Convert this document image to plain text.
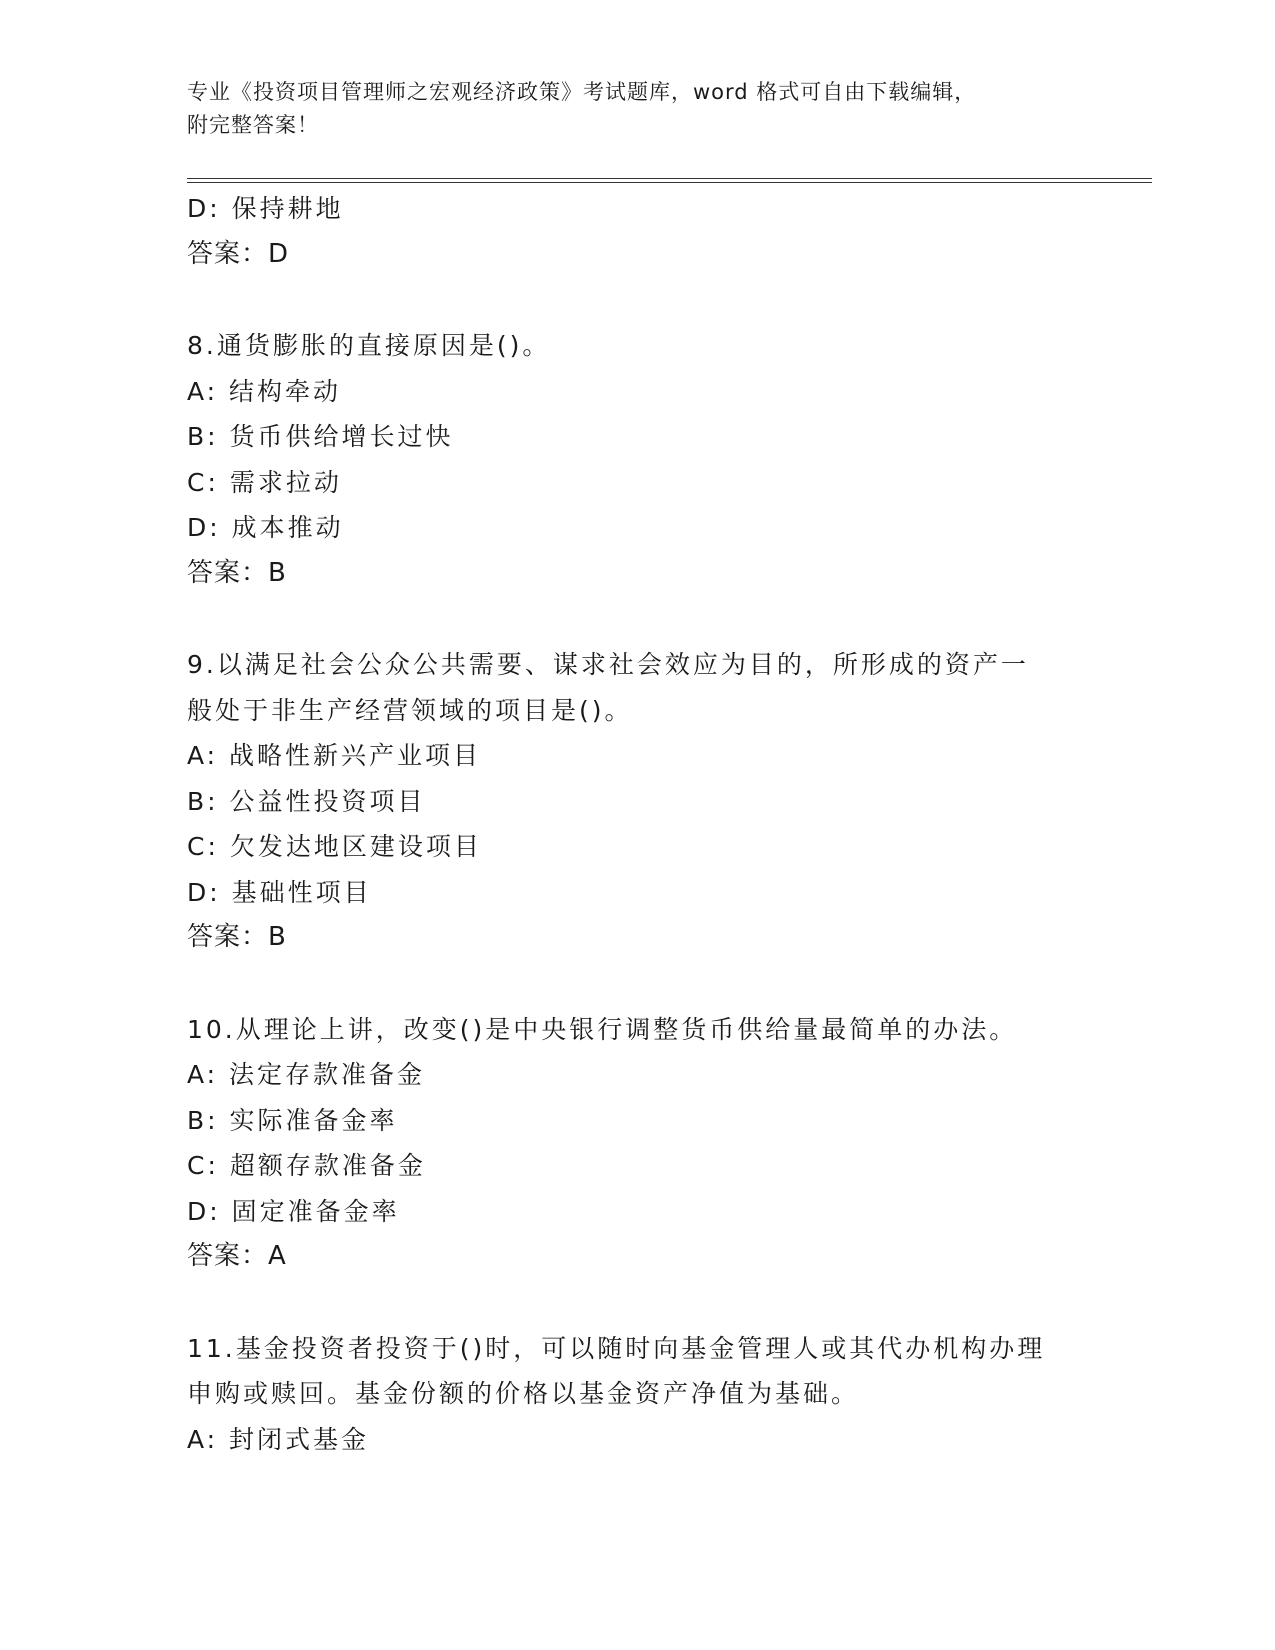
专业《投资项目管理师之宏观经济政策》考试题库，word 格式可自由下载编辑，
附完整答案！

D: 保持耕地

答案：D

8.通货膨胀的直接原因是()。

A: 结构牵动

B: 货币供给增长过快

C: 需求拉动

D: 成本推动

答案：B

9.以满足社会公众公共需要、谋求社会效应为目的，所形成的资产一

般处于非生产经营领域的项目是()。

A: 战略性新兴产业项目

B: 公益性投资项目

C: 欠发达地区建设项目

D: 基础性项目

答案：B

10.从理论上讲，改变()是中央银行调整货币供给量最简单的办法。

A: 法定存款准备金

B: 实际准备金率

C: 超额存款准备金

D: 固定准备金率

答案：A

11.基金投资者投资于()时，可以随时向基金管理人或其代办机构办理

申购或赎回。基金份额的价格以基金资产净值为基础。

A: 封闭式基金
